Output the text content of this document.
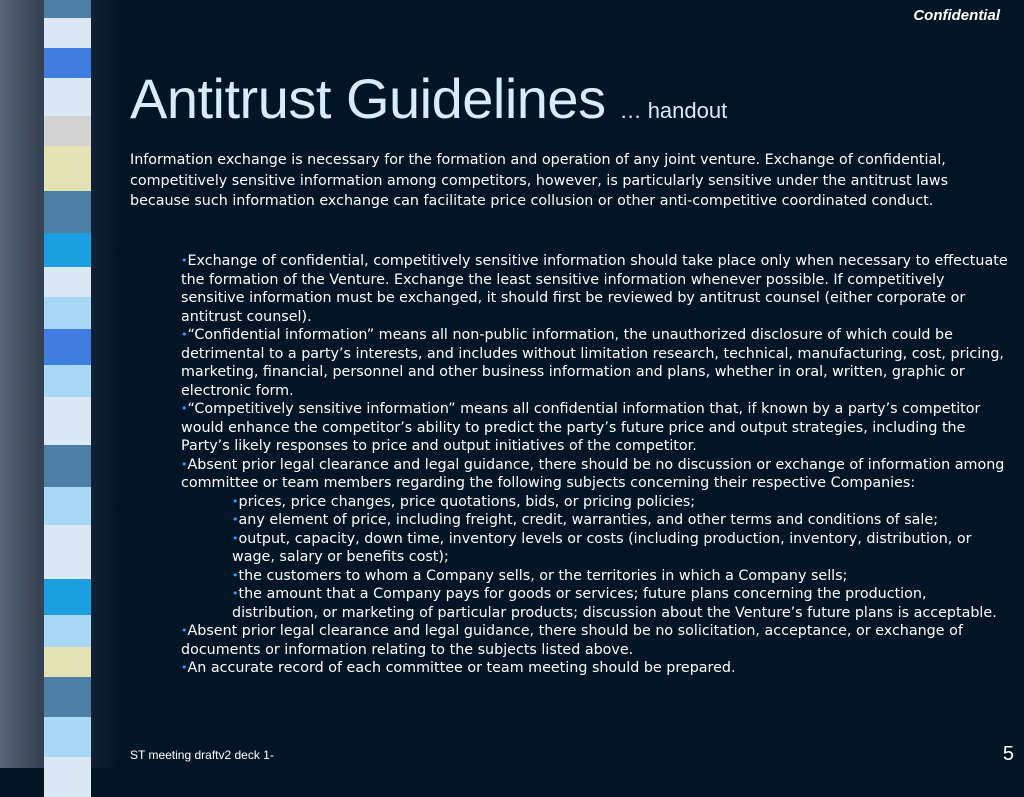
Confidential
Antitrust Guidelines … handout
Information exchange is necessary for the formation and operation of any joint venture. Exchange of confidential, competitively sensitive information among competitors, however, is particularly sensitive under the antitrust laws because such information exchange can facilitate price collusion or other anti-competitive coordinated conduct.

•Exchange of confidential, competitively sensitive information should take place only when necessary to effectuate the formation of the Venture. Exchange the least sensitive information whenever possible. If competitively sensitive information must be exchanged, it should first be reviewed by antitrust counsel (either corporate or antitrust counsel).

•“Confidential information” means all non-public information, the unauthorized disclosure of which could be detrimental to a party’s interests, and includes without limitation research, technical, manufacturing, cost, pricing, marketing, financial, personnel and other business information and plans, whether in oral, written, graphic or electronic form.

•“Competitively sensitive information” means all confidential information that, if known by a party’s competitor would enhance the competitor’s ability to predict the party’s future price and output strategies, including the Party’s likely responses to price and output initiatives of the competitor.

•Absent prior legal clearance and legal guidance, there should be no discussion or exchange of information among committee or team members regarding the following subjects concerning their respective Companies:

•prices, price changes, price quotations, bids, or pricing policies;

•any element of price, including freight, credit, warranties, and other terms and conditions of sale;

•output, capacity, down time, inventory levels or costs (including production, inventory, distribution, or wage, salary or benefits cost);

•the customers to whom a Company sells, or the territories in which a Company sells;

•the amount that a Company pays for goods or services; future plans concerning the production, distribution, or marketing of particular products; discussion about the Venture’s future plans is acceptable.

•Absent prior legal clearance and legal guidance, there should be no solicitation, acceptance, or exchange of documents or information relating to the subjects listed above.

•An accurate record of each committee or team meeting should be prepared.

ST meeting draftv2 deck 1-	5
